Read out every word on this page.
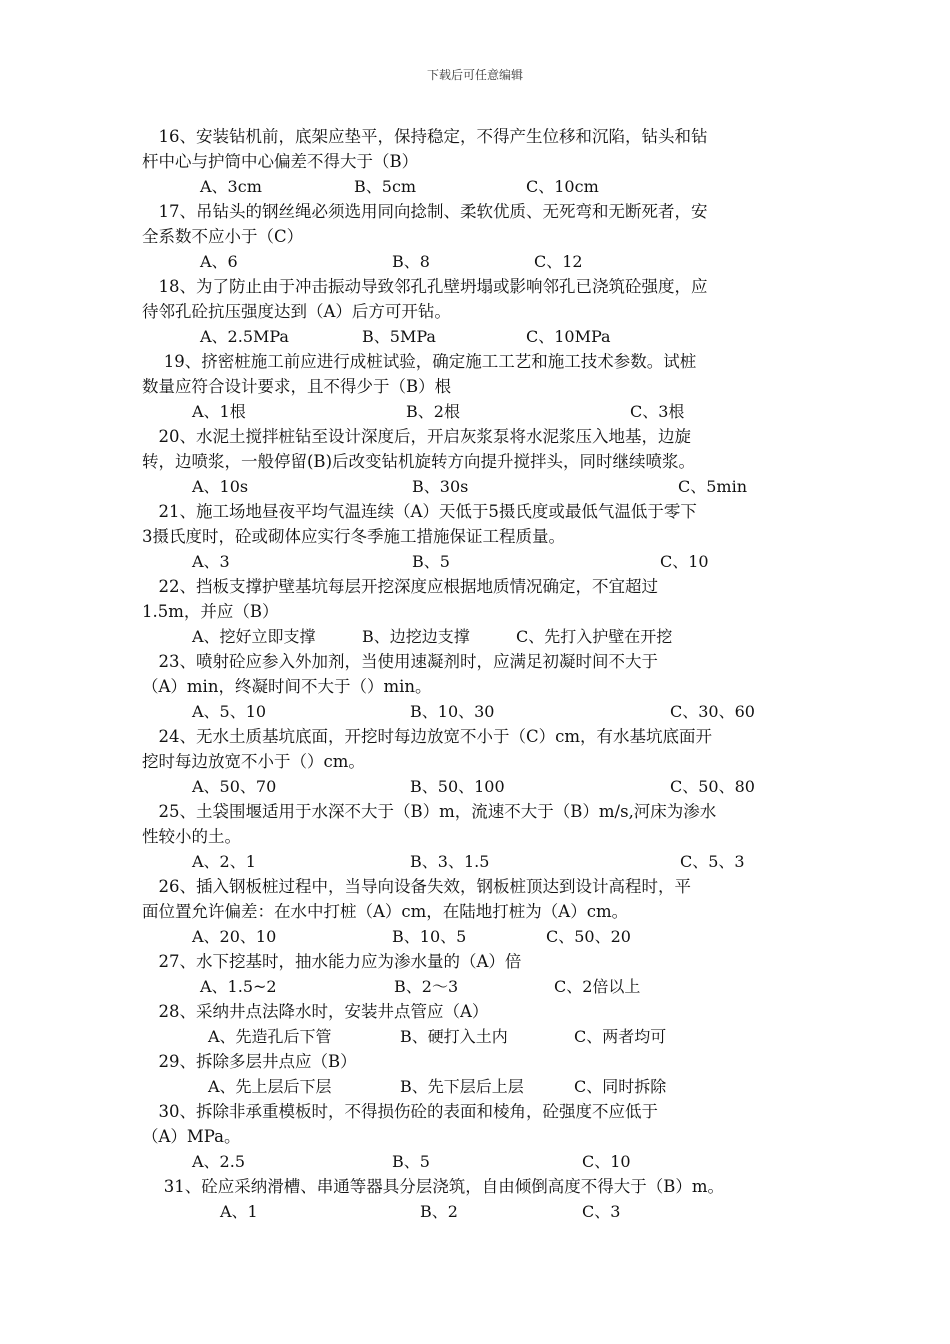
下载后可任意编辑

　16、安装钻机前，底架应垫平，保持稳定，不得产生位移和沉陷，钻头和钻

杆中心与护筒中心偏差不得大于（B）

A、3cm	B、5cm	C、10cm

　17、吊钻头的钢丝绳必须选用同向捻制、柔软优质、无死弯和无断死者，安

全系数不应小于（C）

A、6	B、8	C、12

　18、为了防止由于冲击振动导致邻孔孔壁坍塌或影响邻孔已浇筑砼强度，应

待邻孔砼抗压强度达到（A）后方可开钻。

A、2.5MPa	B、5MPa	C、10MPa

　 19、挤密桩施工前应进行成桩试验，确定施工工艺和施工技术参数。试桩

数量应符合设计要求，且不得少于（B）根

A、1根	B、2根	C、3根

　20、水泥土搅拌桩钻至设计深度后，开启灰浆泵将水泥浆压入地基，边旋

转，边喷浆，一般停留(B)后改变钻机旋转方向提升搅拌头，同时继续喷浆。

A、10s	B、30s	C、5min

　21、施工场地昼夜平均气温连续（A）天低于5摄氏度或最低气温低于零下

3摄氏度时，砼或砌体应实行冬季施工措施保证工程质量。

A、3	B、5	C、10

　22、挡板支撑护壁基坑每层开挖深度应根据地质情况确定，不宜超过

1.5m，并应（B）

A、挖好立即支撑	B、边挖边支撑	C、先打入护壁在开挖

　23、喷射砼应参入外加剂，当使用速凝剂时，应满足初凝时间不大于

（A）min，终凝时间不大于（）min。

A、5、10	B、10、30	C、30、60

　24、无水土质基坑底面，开挖时每边放宽不小于（C）cm，有水基坑底面开

挖时每边放宽不小于（）cm。

A、50、70	B、50、100	C、50、80

　25、土袋围堰适用于水深不大于（B）m，流速不大于（B）m/s,河床为渗水

性较小的土。

A、2、1	B、3、1.5	C、5、3

　26、插入钢板桩过程中，当导向设备失效，钢板桩顶达到设计高程时，平

面位置允许偏差：在水中打桩（A）cm，在陆地打桩为（A）cm。

A、20、10	B、10、5	C、50、20

　27、水下挖基时，抽水能力应为渗水量的（A）倍

A、1.5~2	B、2～3	C、2倍以上

　28、采纳井点法降水时，安装井点管应（A）

A、先造孔后下管	B、硬打入土内	C、两者均可

　29、拆除多层井点应（B）

A、先上层后下层	B、先下层后上层	C、同时拆除

　30、拆除非承重模板时，不得损伤砼的表面和棱角，砼强度不应低于

（A）MPa。

A、2.5	B、5	C、10

　 31、砼应采纳滑槽、串通等器具分层浇筑，自由倾倒高度不得大于（B）m。

A、1	B、2	C、3
